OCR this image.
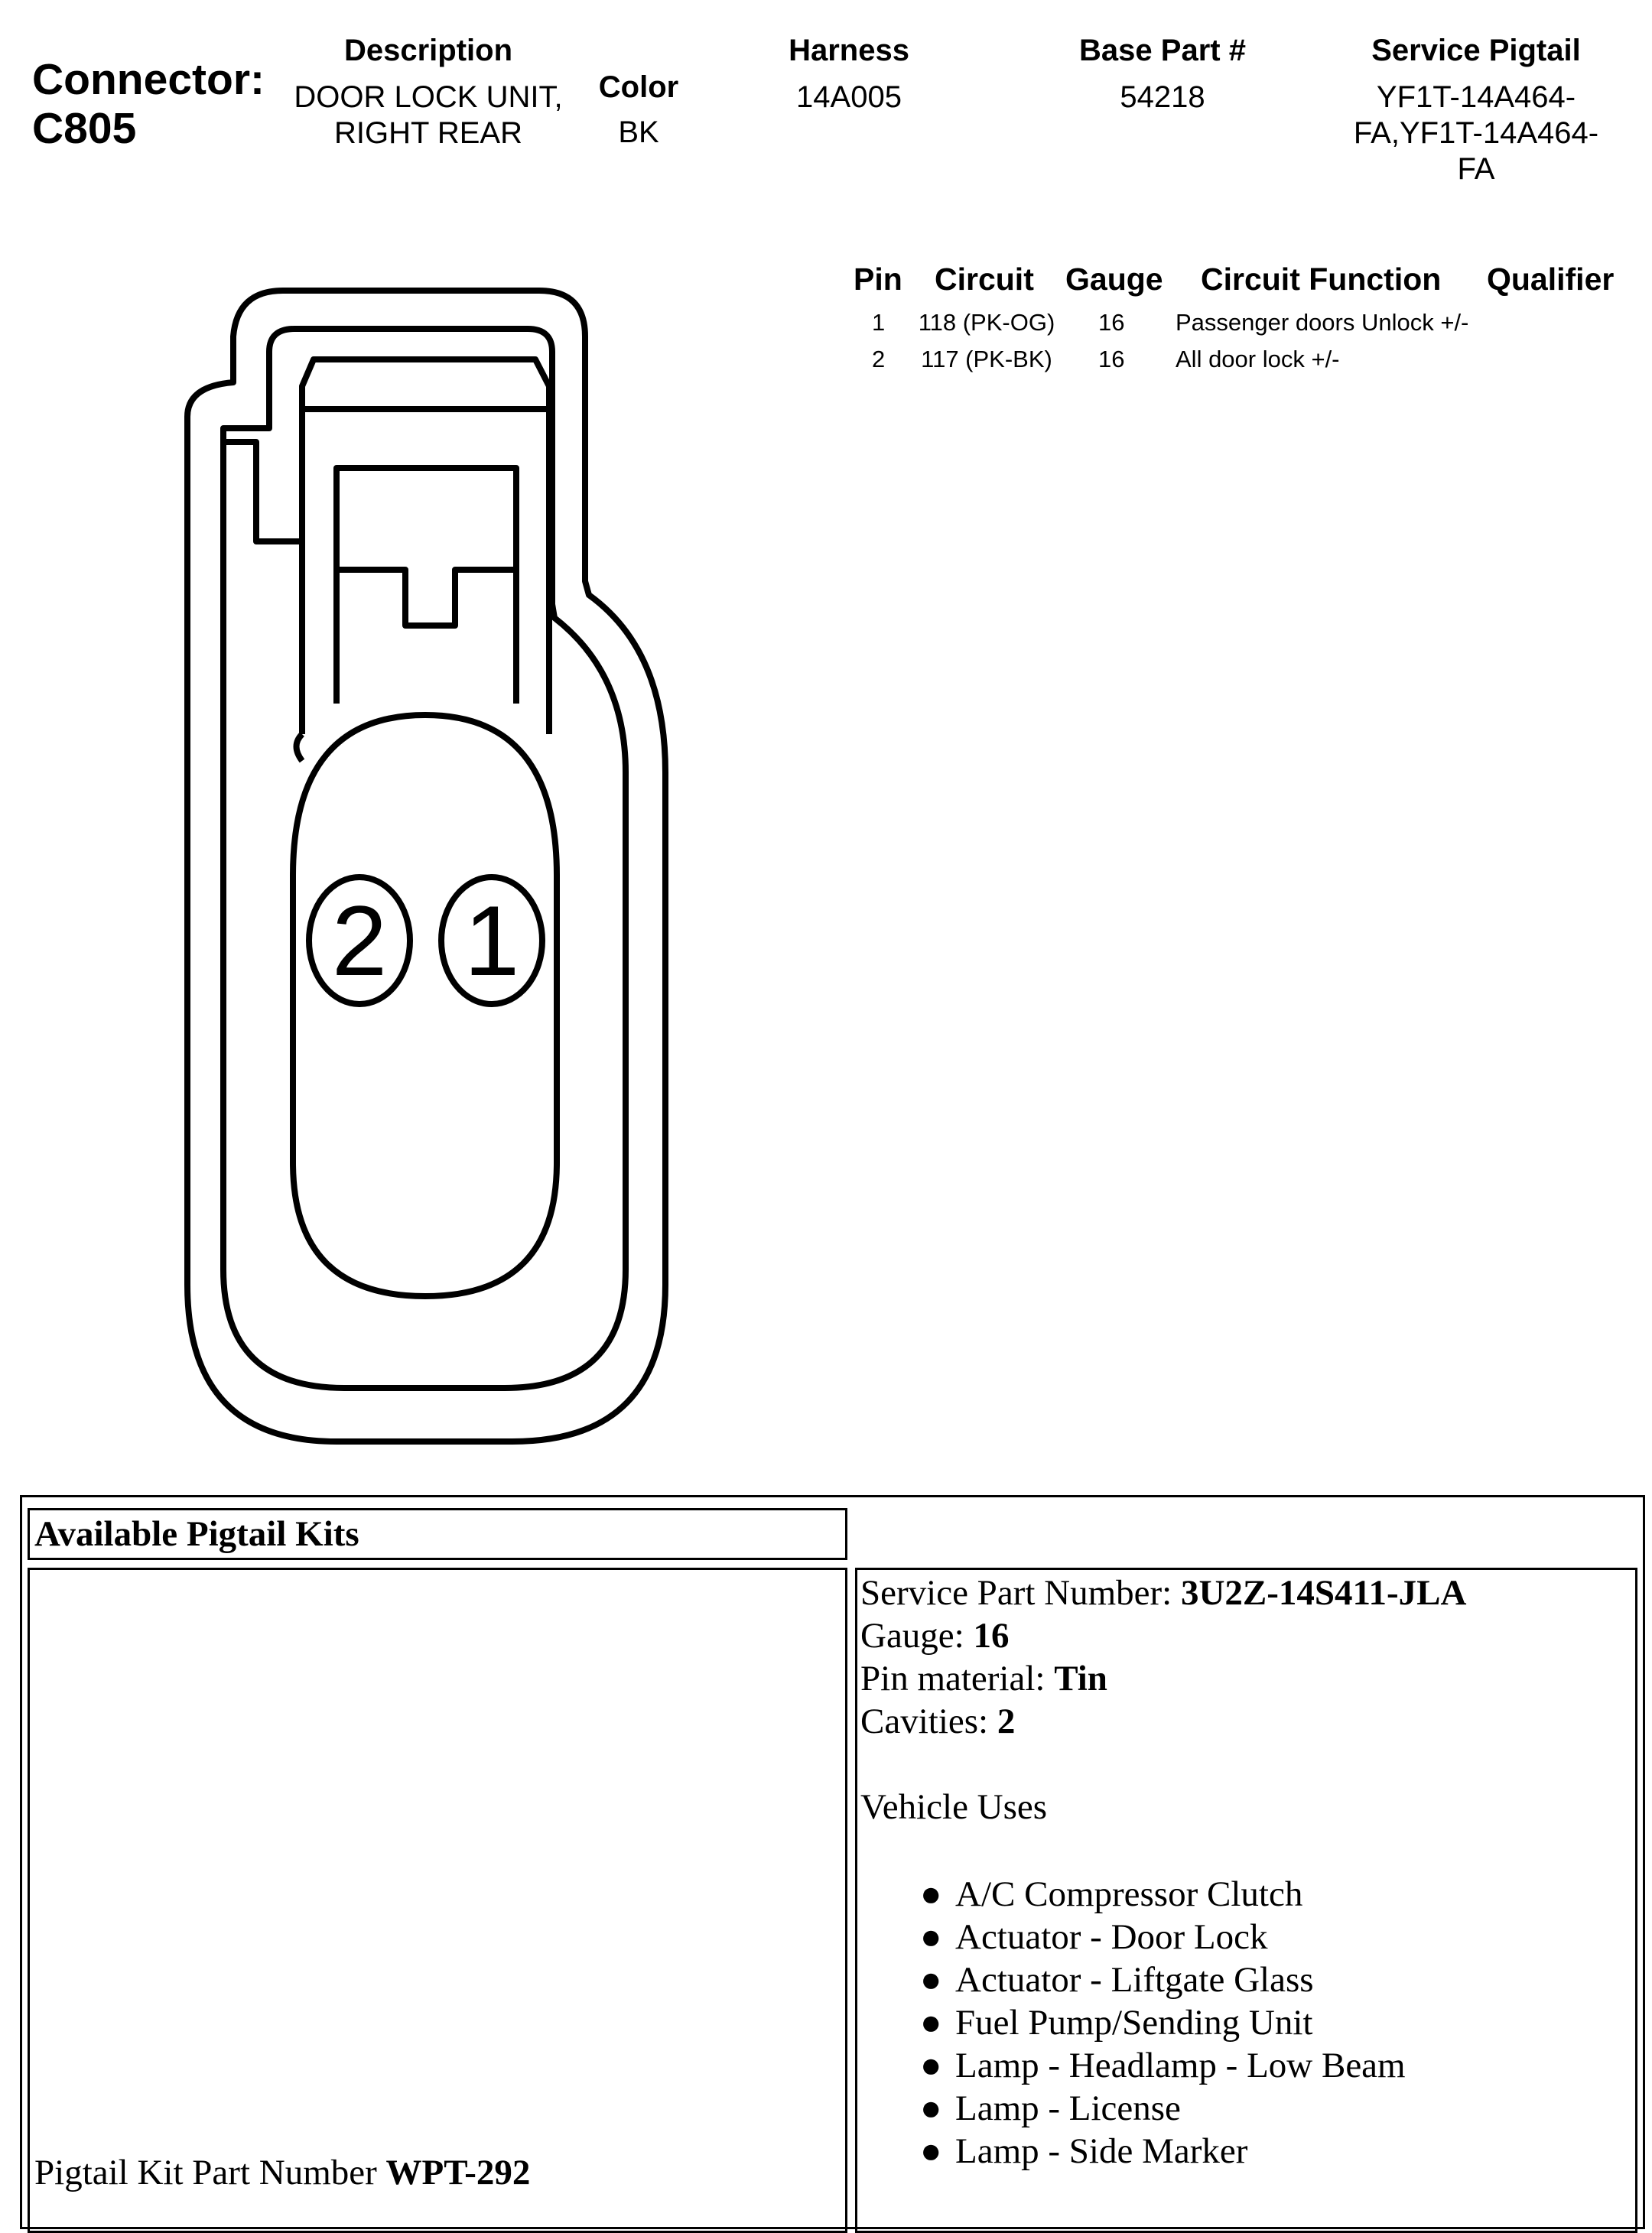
Connector:
C805
Description
DOOR LOCK UNIT,
RIGHT REAR
Color
BK
Harness
14A005
Base Part #
54218
Service Pigtail
YF1T-14A464-
FA,YF1T-14A464-
FA
Pin Circuit Gauge Circuit Function Qualifier
1 118 (PK-OG) 16 Passenger doors Unlock +/-
2 117 (PK-BK) 16 All door lock +/-
2 1
Available Pigtail Kits
Pigtail Kit Part Number WPT-292
Service Part Number: 3U2Z-14S411-JLA
Gauge: 16
Pin material: Tin
Cavities: 2
Vehicle Uses
● A/C Compressor Clutch
● Actuator - Door Lock
● Actuator - Liftgate Glass
● Fuel Pump/Sending Unit
● Lamp - Headlamp - Low Beam
● Lamp - License
● Lamp - Side Marker
